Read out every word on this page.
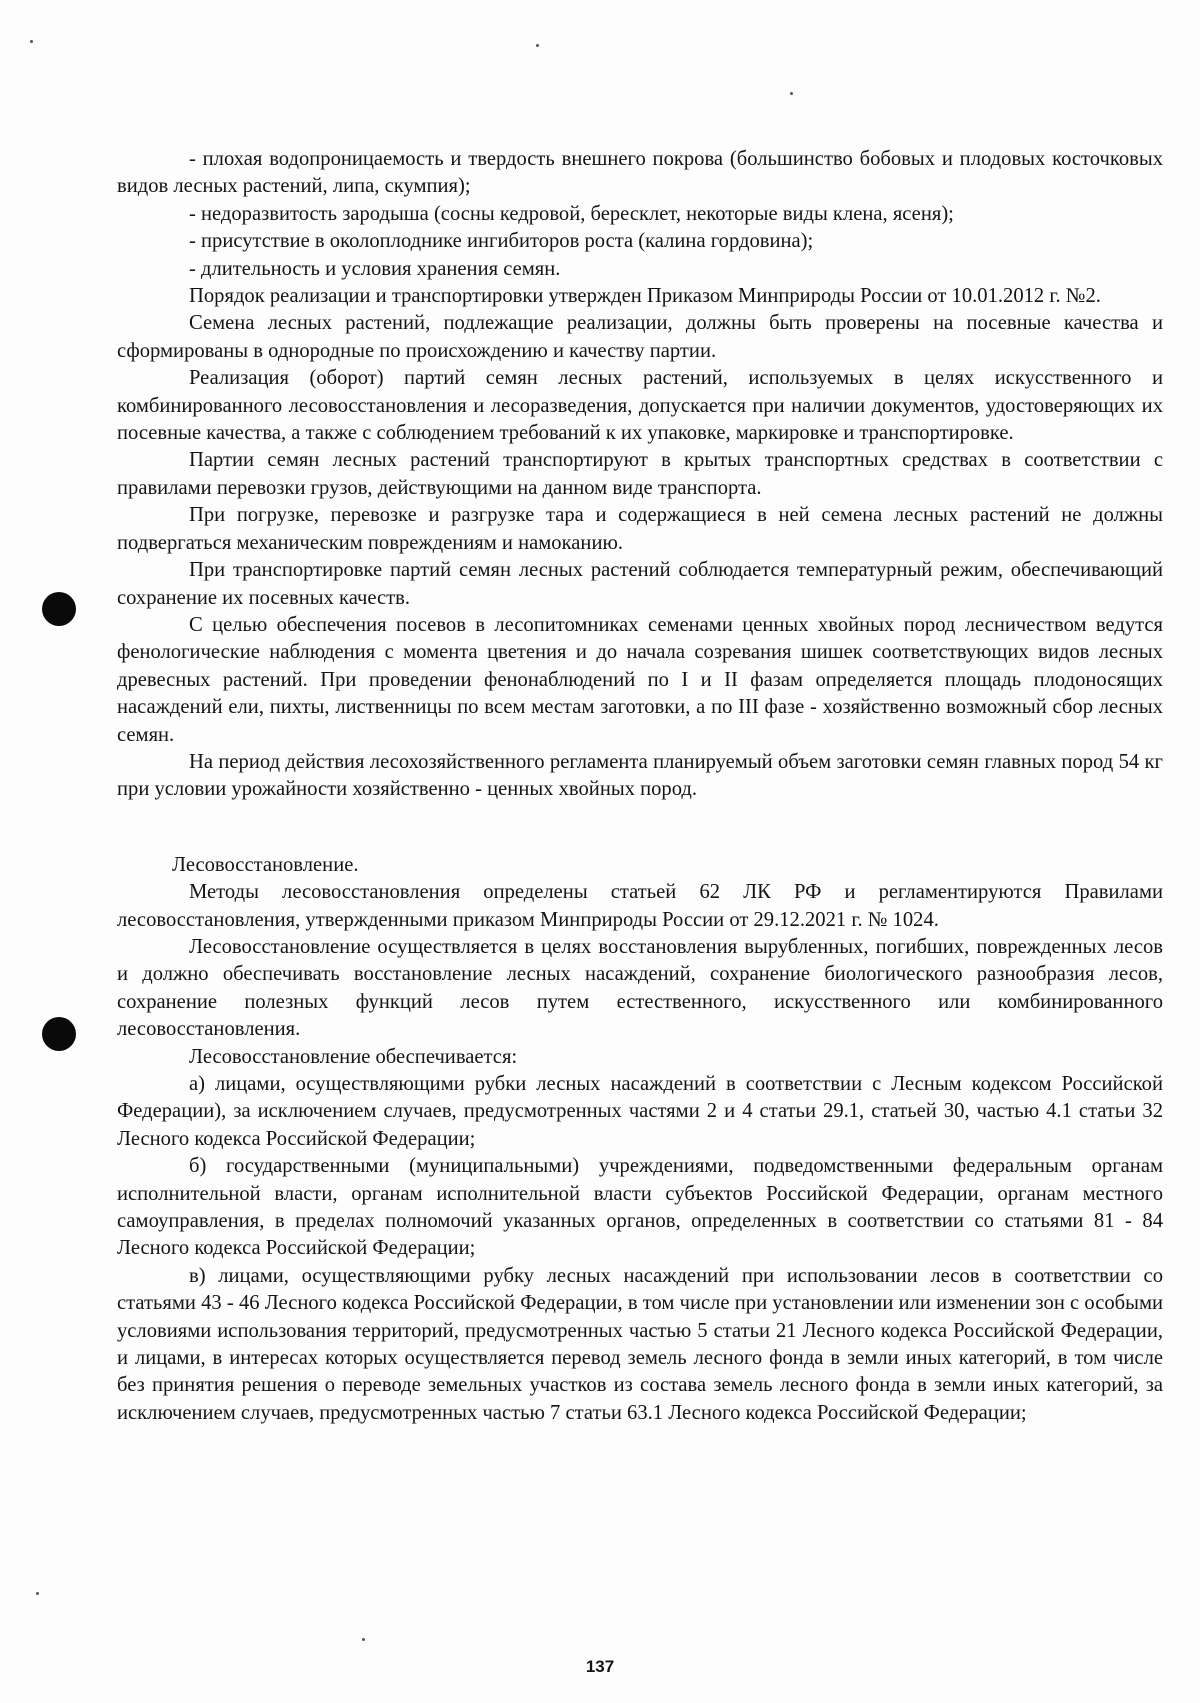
- плохая водопроницаемость и твердость внешнего покрова (большинство бобовых и плодовых косточковых видов лесных растений, липа, скумпия);

- недоразвитость зародыша (сосны кедровой, бересклет, некоторые виды клена, ясеня);

- присутствие в околоплоднике ингибиторов роста (калина гордовина);

- длительность и условия хранения семян.

Порядок реализации и транспортировки утвержден Приказом Минприроды России от 10.01.2012 г. №2.

Семена лесных растений, подлежащие реализации, должны быть проверены на посевные качества и сформированы в однородные по происхождению и качеству партии.

Реализация (оборот) партий семян лесных растений, используемых в целях искусственного и комбинированного лесовосстановления и лесоразведения, допускается при наличии документов, удостоверяющих их посевные качества, а также с соблюдением требований к их упаковке, маркировке и транспортировке.

Партии семян лесных растений транспортируют в крытых транспортных средствах в соответствии с правилами перевозки грузов, действующими на данном виде транспорта.

При погрузке, перевозке и разгрузке тара и содержащиеся в ней семена лесных растений не должны подвергаться механическим повреждениям и намоканию.

При транспортировке партий семян лесных растений соблюдается температурный режим, обеспечивающий сохранение их посевных качеств.

С целью обеспечения посевов в лесопитомниках семенами ценных хвойных пород лесничеством ведутся фенологические наблюдения с момента цветения и до начала созревания шишек соответствующих видов лесных древесных растений. При проведении фенонаблюдений по I и II фазам определяется площадь плодоносящих насаждений ели, пихты, лиственницы по всем местам заготовки, а по III фазе - хозяйственно возможный сбор лесных семян.

На период действия лесохозяйственного регламента планируемый объем заготовки семян главных пород 54 кг при условии урожайности хозяйственно - ценных хвойных пород.

Лесовосстановление.

Методы лесовосстановления определены статьей 62 ЛК РФ и регламентируются Правилами лесовосстановления, утвержденными приказом Минприроды России от 29.12.2021 г. № 1024.

Лесовосстановление осуществляется в целях восстановления вырубленных, погибших, поврежденных лесов и должно обеспечивать восстановление лесных насаждений, сохранение биологического разнообразия лесов, сохранение полезных функций лесов путем естественного, искусственного или комбинированного лесовосстановления.

Лесовосстановление обеспечивается:

а) лицами, осуществляющими рубки лесных насаждений в соответствии с Лесным кодексом Российской Федерации), за исключением случаев, предусмотренных частями 2 и 4 статьи 29.1, статьей 30, частью 4.1 статьи 32 Лесного кодекса Российской Федерации;

б) государственными (муниципальными) учреждениями, подведомственными федеральным органам исполнительной власти, органам исполнительной власти субъектов Российской Федерации, органам местного самоуправления, в пределах полномочий указанных органов, определенных в соответствии со статьями 81 - 84 Лесного кодекса Российской Федерации;

в) лицами, осуществляющими рубку лесных насаждений при использовании лесов в соответствии со статьями 43 - 46 Лесного кодекса Российской Федерации, в том числе при установлении или изменении зон с особыми условиями использования территорий, предусмотренных частью 5 статьи 21 Лесного кодекса Российской Федерации, и лицами, в интересах которых осуществляется перевод земель лесного фонда в земли иных категорий, в том числе без принятия решения о переводе земельных участков из состава земель лесного фонда в земли иных категорий, за исключением случаев, предусмотренных частью 7 статьи 63.1 Лесного кодекса Российской Федерации;

137
